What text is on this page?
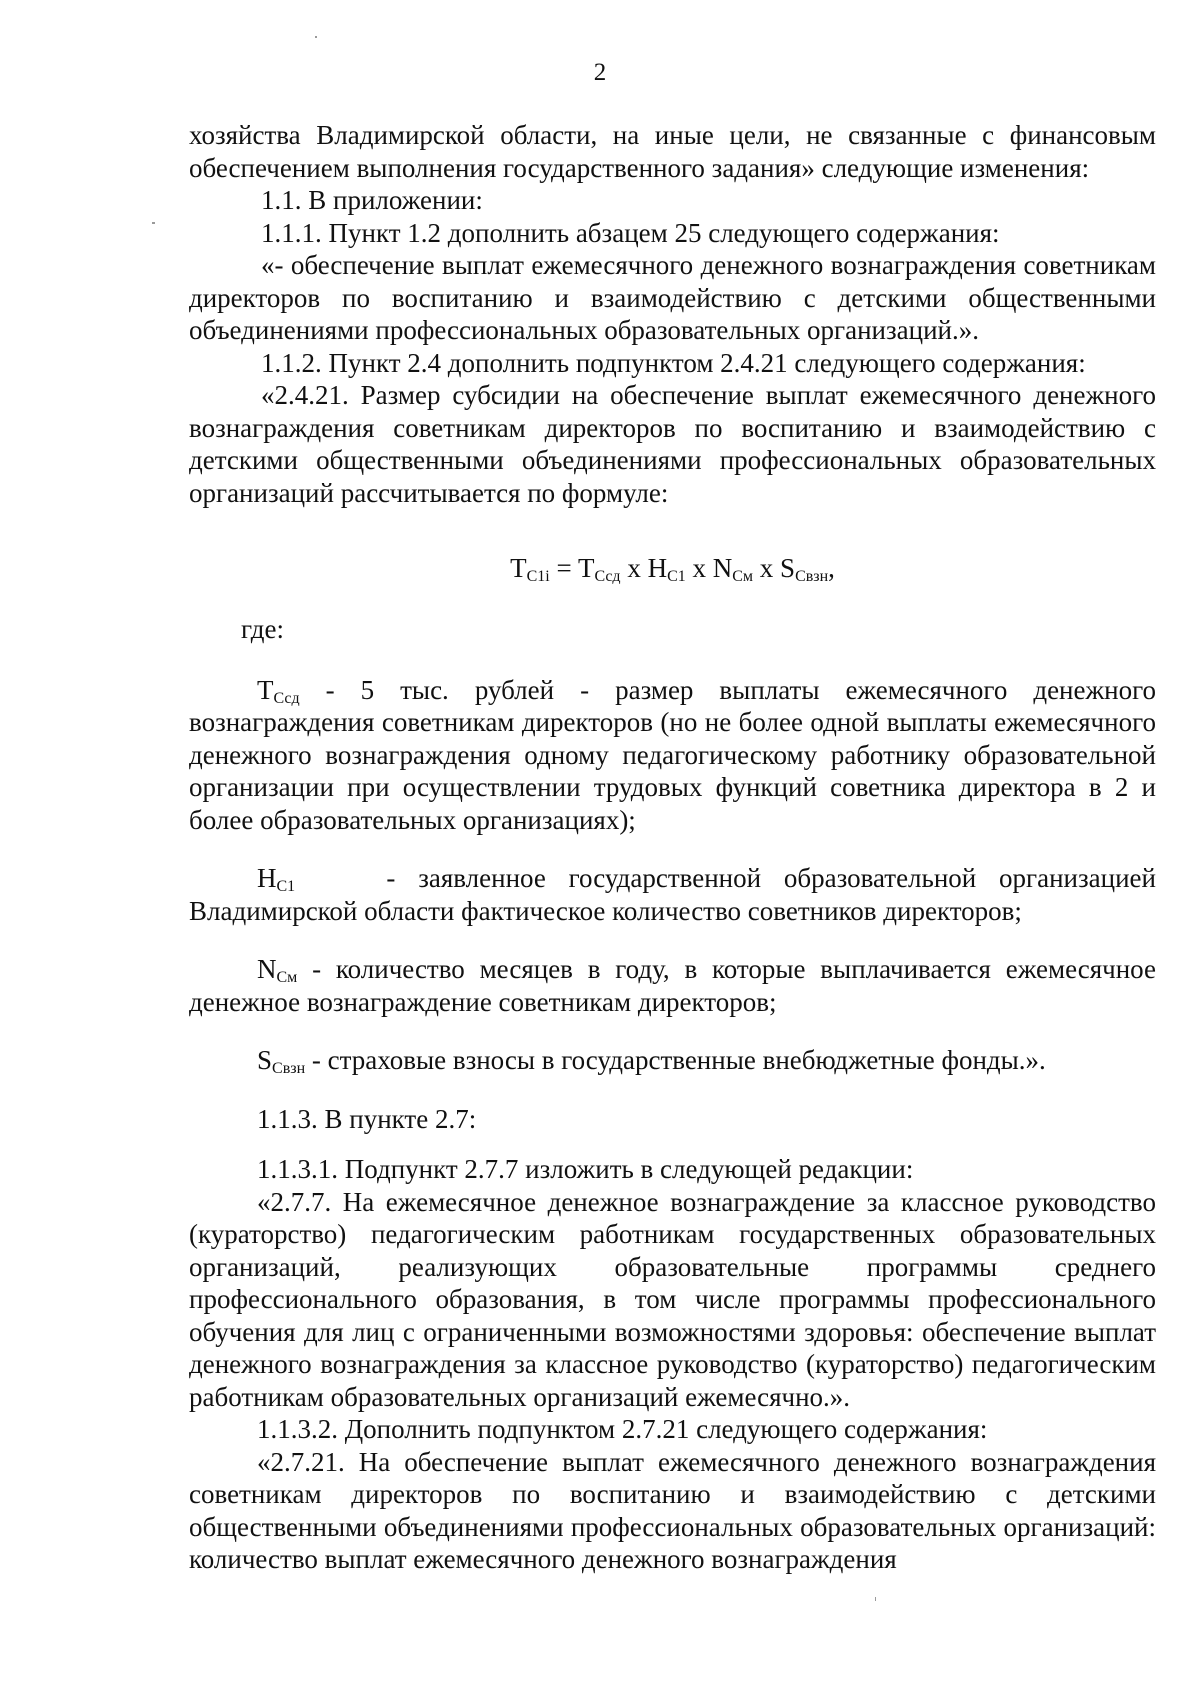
2

хозяйства Владимирской области, на иные цели, не связанные с финансовым обеспечением выполнения государственного задания» следующие изменения:

1.1. В приложении:

1.1.1. Пункт 1.2 дополнить абзацем 25 следующего содержания:

«- обеспечение выплат ежемесячного денежного вознаграждения советникам директоров по воспитанию и взаимодействию с детскими общественными объединениями профессиональных образовательных организаций.».

1.1.2. Пункт 2.4 дополнить подпунктом 2.4.21 следующего содержания:

«2.4.21. Размер субсидии на обеспечение выплат ежемесячного денежного вознаграждения советникам директоров по воспитанию и взаимодействию с детскими общественными объединениями профессиональных образовательных организаций рассчитывается по формуле:

$T_{C1i} = T_{Ссд}$ х $Н_{С1}$ х $N_{См}$ х $S_{Свзн}$,

где:

$T_{Ссд} - 5$ тыс. рублей - размер выплаты ежемесячного денежного вознаграждения советникам директоров (но не более одной выплаты ежемесячного денежного вознаграждения одному педагогическому работнику образовательной организации при осуществлении трудовых функций советника директора в 2 и более образовательных организациях);

$Н_{С1}$    - заявленное государственной образовательной организацией Владимирской области фактическое количество советников директоров;

$N_{См}$ - количество месяцев в году, в которые выплачивается ежемесячное денежное вознаграждение советникам директоров;

$S_{Свзн}$ - страховые взносы в государственные внебюджетные фонды.».

1.1.3. В пункте 2.7:

1.1.3.1. Подпункт 2.7.7 изложить в следующей редакции:

«2.7.7. На ежемесячное денежное вознаграждение за классное руководство (кураторство) педагогическим работникам государственных образовательных организаций, реализующих образовательные программы среднего профессионального образования, в том числе программы профессионального обучения для лиц с ограниченными возможностями здоровья: обеспечение выплат денежного вознаграждения за классное руководство (кураторство) педагогическим работникам образовательных организаций ежемесячно.».

1.1.3.2. Дополнить подпунктом 2.7.21 следующего содержания:

«2.7.21. На обеспечение выплат ежемесячного денежного вознаграждения советникам директоров по воспитанию и взаимодействию с детскими общественными объединениями профессиональных образовательных организаций: количество выплат ежемесячного денежного вознаграждения
